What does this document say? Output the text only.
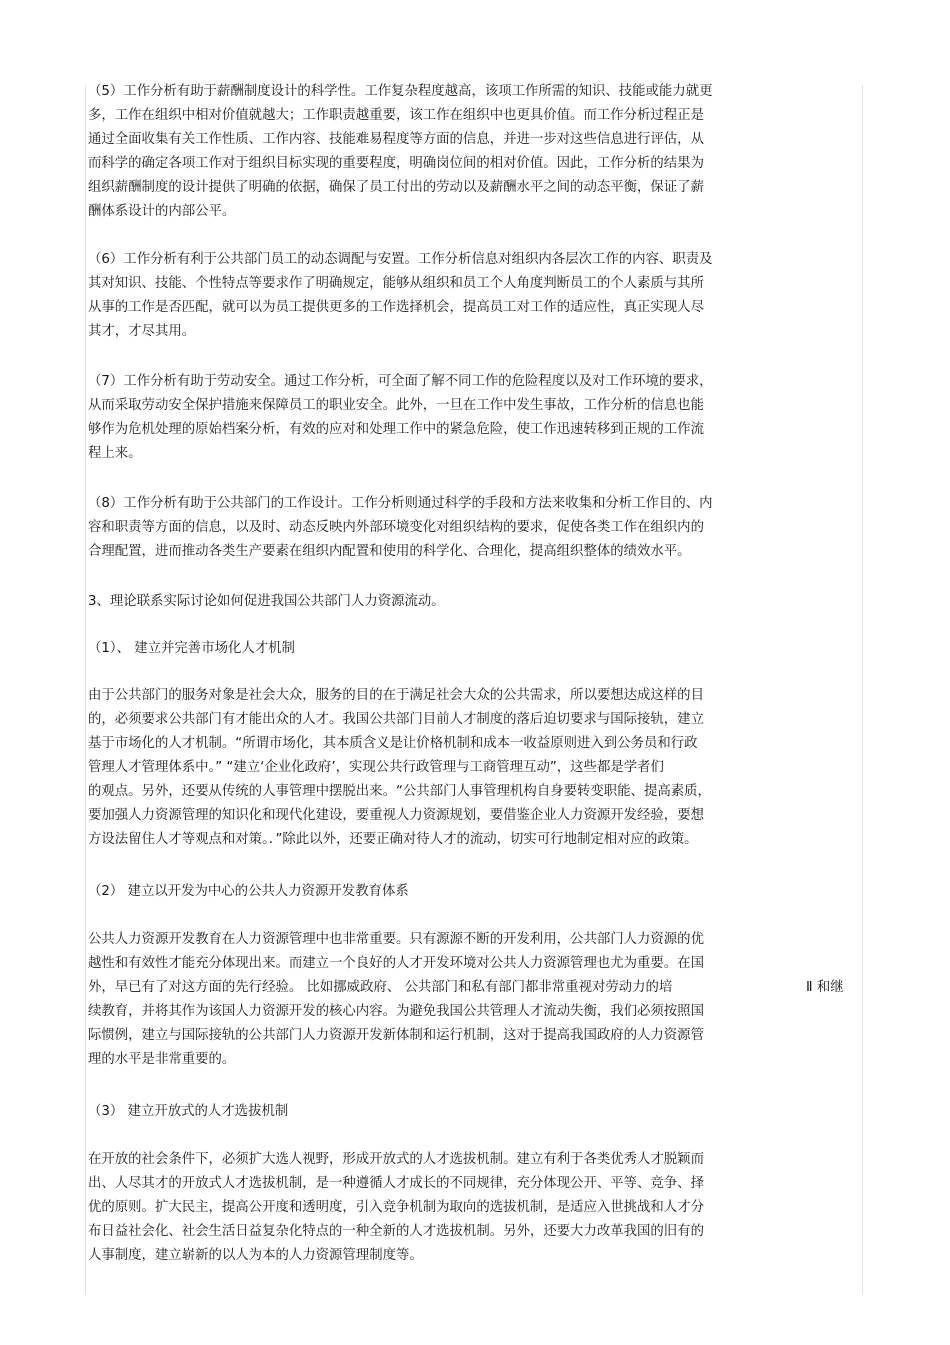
（5）工作分析有助于薪酬制度设计的科学性。工作复杂程度越高，该项工作所需的知识、技能或能力就更
多，工作在组织中相对价值就越大；工作职责越重要，该工作在组织中也更具价值。而工作分析过程正是
通过全面收集有关工作性质、工作内容、技能难易程度等方面的信息，并进一步对这些信息进行评估，从
而科学的确定各项工作对于组织目标实现的重要程度，明确岗位间的相对价值。因此，工作分析的结果为
组织薪酬制度的设计提供了明确的依据，确保了员工付出的劳动以及薪酬水平之间的动态平衡，保证了薪
酬体系设计的内部公平。
（6）工作分析有利于公共部门员工的动态调配与安置。工作分析信息对组织内各层次工作的内容、职责及
其对知识、技能、个性特点等要求作了明确规定，能够从组织和员工个人角度判断员工的个人素质与其所
从事的工作是否匹配，就可以为员工提供更多的工作选择机会，提高员工对工作的适应性，真正实现人尽
其才，才尽其用。
（7）工作分析有助于劳动安全。通过工作分析，可全面了解不同工作的危险程度以及对工作环境的要求，
从而采取劳动安全保护措施来保障员工的职业安全。此外，一旦在工作中发生事故，工作分析的信息也能
够作为危机处理的原始档案分析，有效的应对和处理工作中的紧急危险，使工作迅速转移到正规的工作流
程上来。
（8）工作分析有助于公共部门的工作设计。工作分析则通过科学的手段和方法来收集和分析工作目的、内
容和职责等方面的信息，以及时、动态反映内外部环境变化对组织结构的要求，促使各类工作在组织内的
合理配置，进而推动各类生产要素在组织内配置和使用的科学化、合理化，提高组织整体的绩效水平。
3、理论联系实际讨论如何促进我国公共部门人力资源流动。
（1）、 建立并完善市场化人才机制
由于公共部门的服务对象是社会大众，服务的目的在于满足社会大众的公共需求，所以要想达成这样的目
的，必须要求公共部门有才能出众的人才。我国公共部门目前人才制度的落后迫切要求与国际接轨，建立
基于市场化的人才机制。“所谓市场化，其本质含义是让价格机制和成本一收益原则进入到公务员和行政
管理人才管理体系中。” “建立‘企业化政府’，实现公共行政管理与工商管理互动”，这些都是学者们
的观点。另外，还要从传统的人事管理中摆脱出来。“公共部门人事管理机构自身要转变职能、提高素质，
要加强人力资源管理的知识化和现代化建设，要重视人力资源规划，要借鉴企业人力资源开发经验，要想
方设法留住人才等观点和对策。．”除此以外，还要正确对待人才的流动，切实可行地制定相对应的政策。
（2） 建立以开发为中心的公共人力资源开发教育体系
公共人力资源开发教育在人力资源管理中也非常重要。只有源源不断的开发利用，公共部门人力资源的优
越性和有效性才能充分体现出来。而建立一个良好的人才开发环境对公共人力资源管理也尤为重要。在国
外，早已有了对这方面的先行经验。 比如挪威政府、 公共部门和私有部门都非常重视对劳动力的培
续教育，并将其作为该国人力资源开发的核心内容。为避免我国公共管理人才流动失衡，我们必须按照国
际惯例，建立与国际接轨的公共部门人力资源开发新体制和运行机制，这对于提高我国政府的人力资源管
理的水平是非常重要的。
（3） 建立开放式的人才选拔机制
在开放的社会条件下，必须扩大选人视野，形成开放式的人才选拔机制。建立有利于各类优秀人才脱颖而
出、人尽其才的开放式人才选拔机制，是一种遵循人才成长的不同规律，充分体现公开、平等、竞争、择
优的原则。扩大民主，提高公开度和透明度，引入竞争机制为取向的选拔机制，是适应入世挑战和人才分
布日益社会化、社会生活日益复杂化特点的一种全新的人才选拔机制。另外，还要大力改革我国的旧有的
人事制度，建立崭新的以人为本的人力资源管理制度等。
Ⅱ 和继
